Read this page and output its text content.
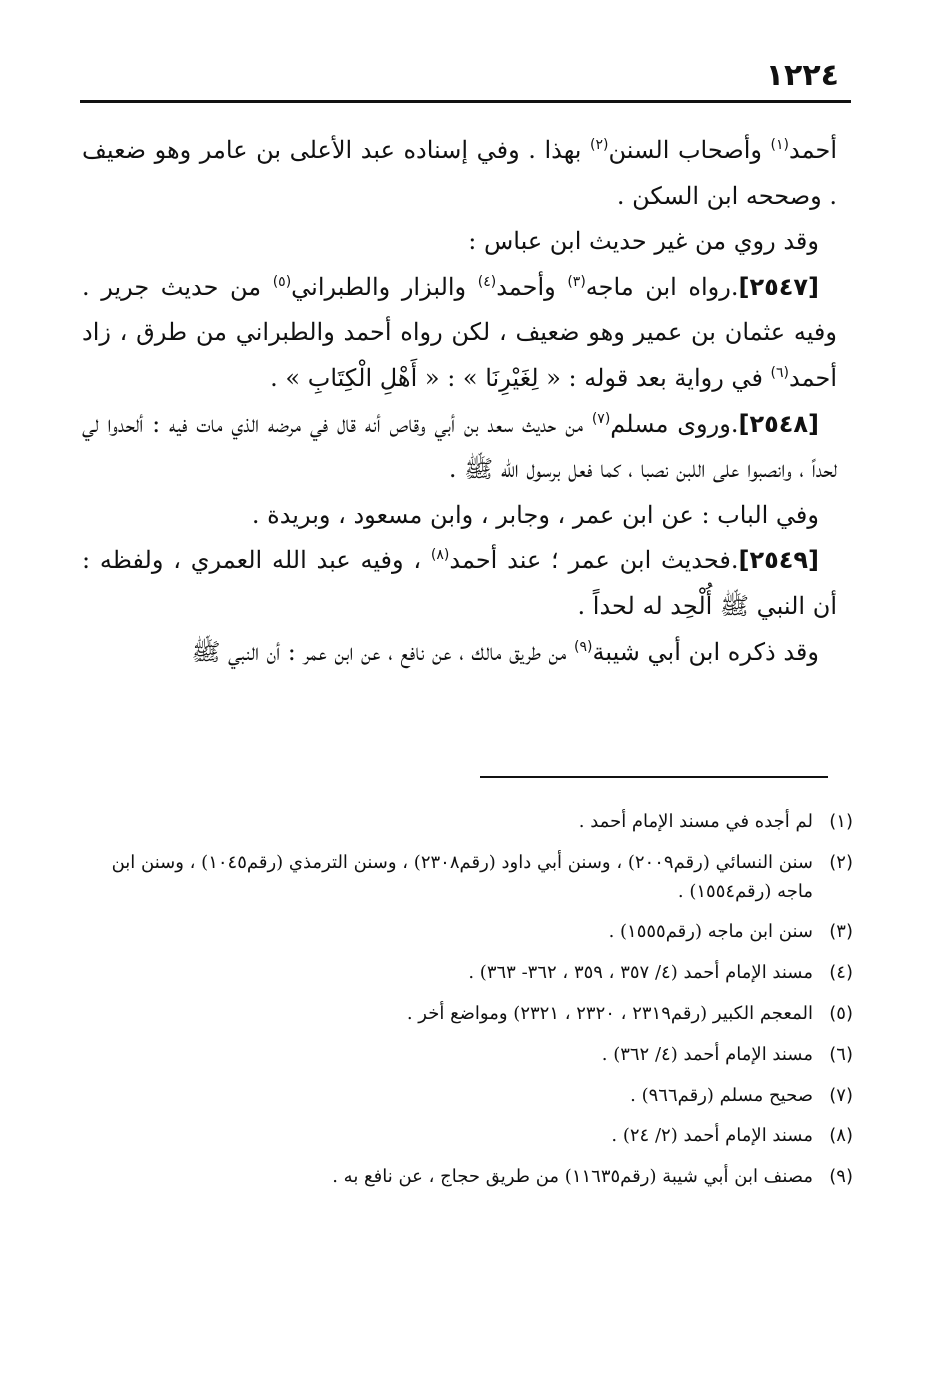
١٢٢٤

أحمد$^{(١)}$ وأصحاب السنن$^{(٢)}$ بهذا . وفي إسناده عبد الأعلى بن عامر وهو ضعيف . وصححه ابن السكن .

وقد روي من غير حديث ابن عباس :

[٢٥٤٧].رواه ابن ماجه$^{(٣)}$ وأحمد$^{(٤)}$ والبزار والطبراني$^{(٥)}$ من حديث جرير . وفيه عثمان بن عمير وهو ضعيف ، لكن رواه أحمد والطبراني من طرق ، زاد أحمد$^{(٦)}$ في رواية بعد قوله : « لِغَيْرِنَا » : « أَهْلِ الْكِتَابِ » .

[٢٥٤٨].وروى مسلم$^{(٧)}$ من حديث سعد بن أبي وقاص أنه قال في مرضه الذي مات فيه : ألحدوا لي لحداً ، وانصبوا على اللبن نصبا ، كما فعل برسول الله ﷺ .

وفي الباب : عن ابن عمر ، وجابر ، وابن مسعود ، وبريدة .

[٢٥٤٩].فحديث ابن عمر ؛ عند أحمد$^{(٨)}$ ، وفيه عبد الله العمري ، ولفظه : أن النبي ﷺ أُلْحِد له لحداً .

وقد ذكره ابن أبي شيبة$^{(٩)}$ من طريق مالك ، عن نافع ، عن ابن عمر : أن النبي ﷺ

(١)
لم أجده في مسند الإمام أحمد .
(٢)
سنن النسائي (رقم٢٠٠٩) ، وسنن أبي داود (رقم٢٣٠٨) ، وسنن الترمذي (رقم١٠٤٥) ، وسنن ابن ماجه (رقم١٥٥٤) .
(٣)
سنن ابن ماجه (رقم١٥٥٥) .
(٤)
مسند الإمام أحمد (٤/ ٣٥٧ ، ٣٥٩ ، ٣٦٢- ٣٦٣) .
(٥)
المعجم الكبير (رقم٢٣١٩ ، ٢٣٢٠ ، ٢٣٢١) ومواضع أخر .
(٦)
مسند الإمام أحمد (٤/ ٣٦٢) .
(٧)
صحيح مسلم (رقم٩٦٦) .
(٨)
مسند الإمام أحمد (٢/ ٢٤) .
(٩)
مصنف ابن أبي شيبة (رقم١١٦٣٥) من طريق حجاج ، عن نافع به .
